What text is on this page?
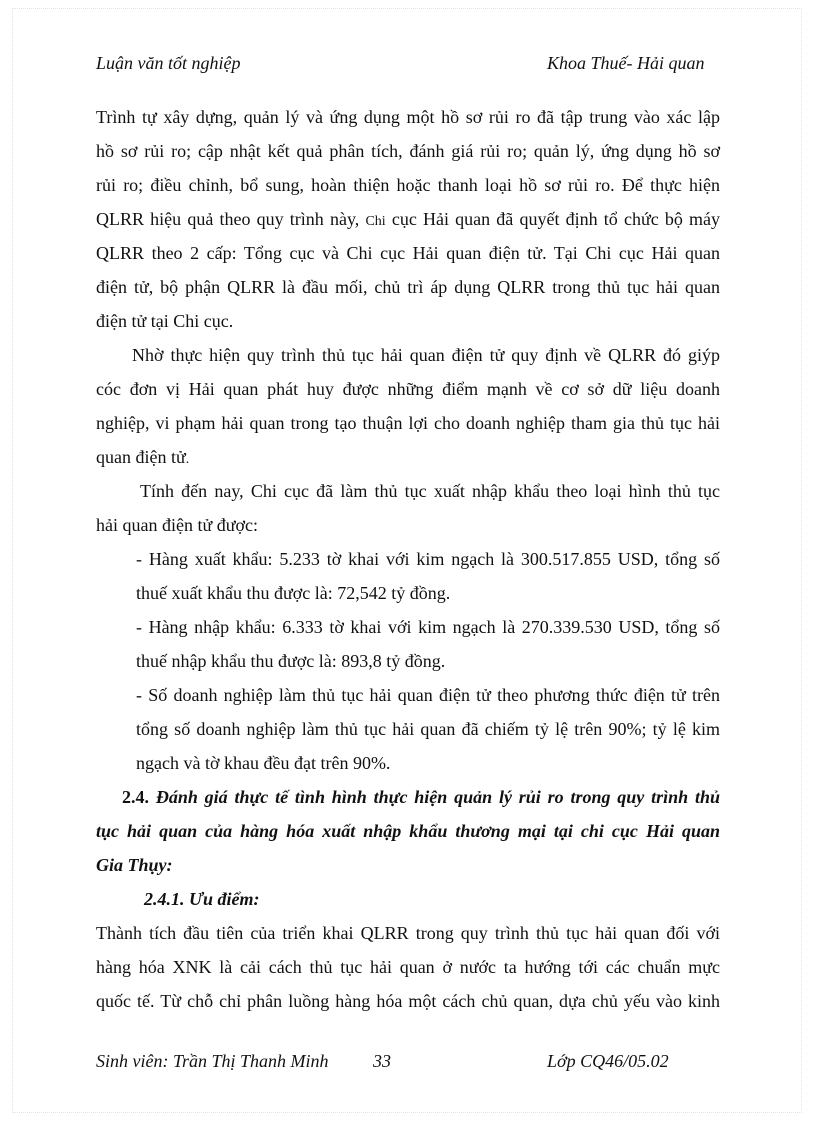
Luận văn tốt nghiệp	Khoa Thuế- Hải quan
Trình tự xây dựng, quản lý và ứng dụng một hồ sơ rủi ro đã tập trung vào xác lập
hồ sơ rủi ro; cập nhật kết quả phân tích, đánh giá rủi ro; quản lý, ứng dụng hồ sơ
rủi ro; điều chỉnh, bổ sung, hoàn thiện hoặc thanh loại hồ sơ rủi ro. Để thực hiện
QLRR hiệu quả theo quy trình này, Chi cục Hải quan đã quyết định tổ chức bộ máy
QLRR theo 2 cấp: Tổng cục và Chi cục Hải quan điện tử. Tại Chi cục Hải quan
điện tử, bộ phận QLRR là đầu mối, chủ trì áp dụng QLRR trong thủ tục hải quan
điện tử tại Chi cục.
Nhờ thực hiện quy trình thủ tục hải quan điện tử quy định về QLRR đó giýp
cóc đơn vị Hải quan phát huy được những điểm mạnh về cơ sở dữ liệu doanh
nghiệp, vi phạm hải quan trong tạo thuận lợi cho doanh nghiệp tham gia thủ tục hải
quan điện tử.
Tính đến nay, Chi cục đã làm thủ tục xuất nhập khẩu theo loại hình thủ tục
hải quan điện tử được:
- Hàng xuất khẩu: 5.233 tờ khai với kim ngạch là 300.517.855 USD, tổng số
thuế xuất khẩu thu được là: 72,542 tỷ đồng.
- Hàng nhập khẩu: 6.333 tờ khai với kim ngạch là 270.339.530 USD, tổng số
thuế nhập khẩu thu được là: 893,8 tỷ đồng.
- Số doanh nghiệp làm thủ tục hải quan điện tử theo phương thức điện tử trên
tổng số doanh nghiệp làm thủ tục hải quan đã chiếm tỷ lệ trên 90%; tỷ lệ kim
ngạch và tờ khau đều đạt trên 90%.
2.4. Đánh giá thực tế tình hình thực hiện quản lý rủi ro trong quy trình thủ
tục hải quan của hàng hóa xuất nhập khẩu thương mại tại chi cục Hải quan
Gia Thụy:
2.4.1. Ưu điểm:
Thành tích đầu tiên của triển khai QLRR trong quy trình thủ tục hải quan đối với
hàng hóa XNK là cải cách thủ tục hải quan ở nước ta hướng tới các chuẩn mực
quốc tế. Từ chỗ chỉ phân luồng hàng hóa một cách chủ quan, dựa chủ yếu vào kinh
Sinh viên: Trần Thị Thanh Minh 33	Lớp CQ46/05.02
